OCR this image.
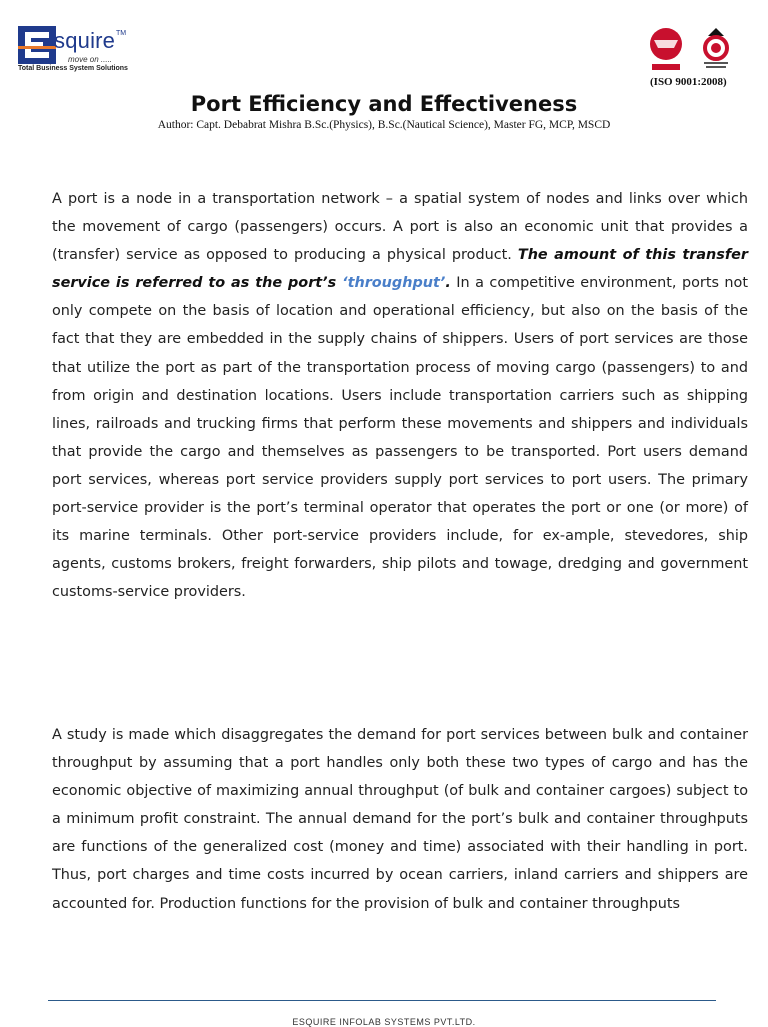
squire TM
move on .....
Total Business System Solutions
(ISO 9001:2008)
Port Efficiency and Effectiveness
Author: Capt. Debabrat Mishra B.Sc.(Physics), B.Sc.(Nautical Science), Master FG, MCP, MSCD

A port is a node in a transportation network – a spatial system of nodes and links over which the movement of cargo (passengers) occurs. A port is also an economic unit that provides a (transfer) service as opposed to producing a physical product. The amount of this transfer service is referred to as the port’s ‘throughput’. In a competitive environment, ports not only compete on the basis of location and operational efficiency, but also on the basis of the fact that they are embedded in the supply chains of shippers. Users of port services are those that utilize the port as part of the transportation process of moving cargo (passengers) to and from origin and destination locations. Users include transportation carriers such as shipping lines, railroads and trucking firms that perform these movements and shippers and individuals that provide the cargo and themselves as passengers to be transported. Port users demand port services, whereas port service providers supply port services to port users. The primary port-service provider is the port’s terminal operator that operates the port or one (or more) of its marine terminals. Other port-service providers include, for ex-ample, stevedores, ship agents, customs brokers, freight forwarders, ship pilots and towage, dredging and government customs-service providers.

A study is made which disaggregates the demand for port services between bulk and container throughput by assuming that a port handles only both these two types of cargo and has the economic objective of maximizing annual throughput (of bulk and container cargoes) subject to a minimum profit constraint. The annual demand for the port’s bulk and container throughputs are functions of the generalized cost (money and time) associated with their handling in port. Thus, port charges and time costs incurred by ocean carriers, inland carriers and shippers are accounted for. Production functions for the provision of bulk and container throughputs

ESQUIRE INFOLAB SYSTEMS PVT.LTD.
